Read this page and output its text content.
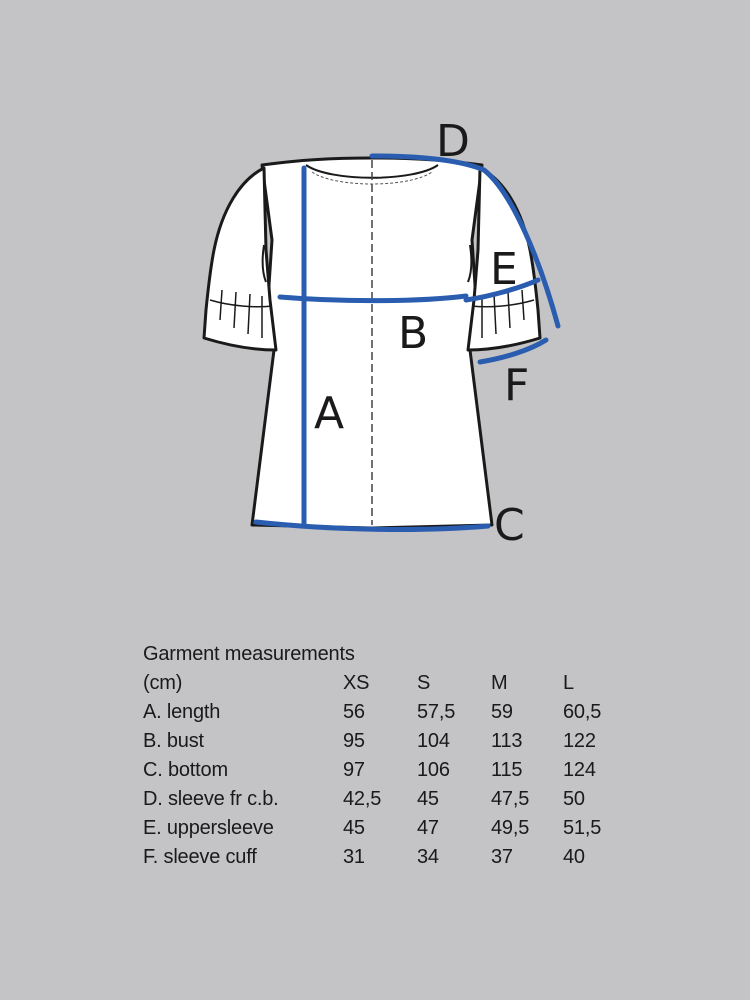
A
B
C
D
E
F
Garment measurements
(cm)	XS	S	M	L
A. length	56	57,5	59	60,5
B. bust	95	104	113	122
C. bottom	97	106	115	124
D. sleeve fr c.b.	42,5	45	47,5	50
E. uppersleeve	45	47	49,5	51,5
F. sleeve cuff	31	34	37	40
